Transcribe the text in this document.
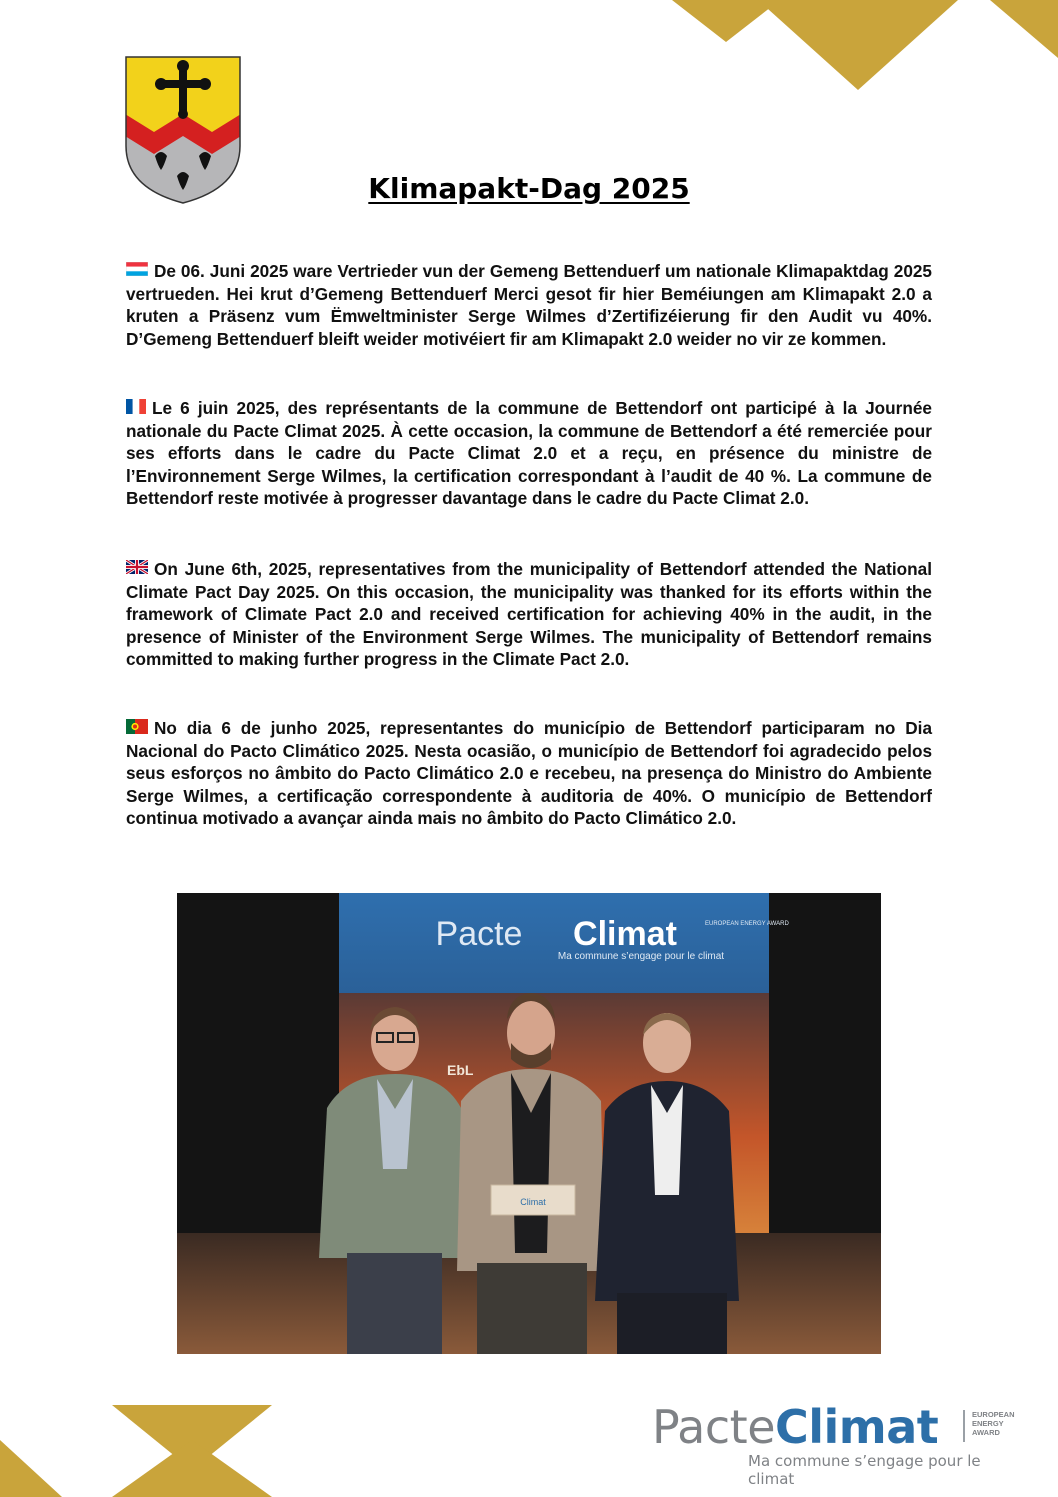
Klimapakt-Dag 2025
De 06. Juni 2025 ware Vertrieder vun der Gemeng Bettenduerf um nationale Klimapaktdag 2025 vertrueden. Hei krut d’Gemeng Bettenduerf Merci gesot fir hier Beméiungen am Klimapakt 2.0 a kruten a Präsenz vum Ëmweltminister Serge Wilmes d’Zertifizéierung fir den Audit vu 40%. D’Gemeng Bettenduerf bleift weider motivéiert fir am Klimapakt 2.0 weider no vir ze kommen.
Le 6 juin 2025, des représentants de la commune de Bettendorf ont participé à la Journée nationale du Pacte Climat 2025. À cette occasion, la commune de Bettendorf a été remerciée pour ses efforts dans le cadre du Pacte Climat 2.0 et a reçu, en présence du ministre de l’Environnement Serge Wilmes, la certification correspondant à l’audit de 40 %. La commune de Bettendorf reste motivée à progresser davantage dans le cadre du Pacte Climat 2.0.
On June 6th, 2025, representatives from the municipality of Bettendorf attended the National Climate Pact Day 2025. On this occasion, the municipality was thanked for its efforts within the framework of Climate Pact 2.0 and received certification for achieving 40% in the audit, in the presence of Minister of the Environment Serge Wilmes. The municipality of Bettendorf remains committed to making further progress in the Climate Pact 2.0.
No dia 6 de junho 2025, representantes do município de Bettendorf participaram no Dia Nacional do Pacto Climático 2025. Nesta ocasião, o município de Bettendorf foi agradecido pelos seus esforços no âmbito do Pacto Climático 2.0 e recebeu, na presença do Ministro do Ambiente Serge Wilmes, a certificação correspondente à auditoria de 40%. O município de Bettendorf continua motivado a avançar ainda mais no âmbito do Pacto Climático 2.0.
Pacte Climat	EUROPEAN ENERGY AWARD
Ma commune s’engage pour le climat
EbL
Climat
PacteClimat	EUROPEAN
ENERGY
AWARD
Ma commune s’engage pour le climat
